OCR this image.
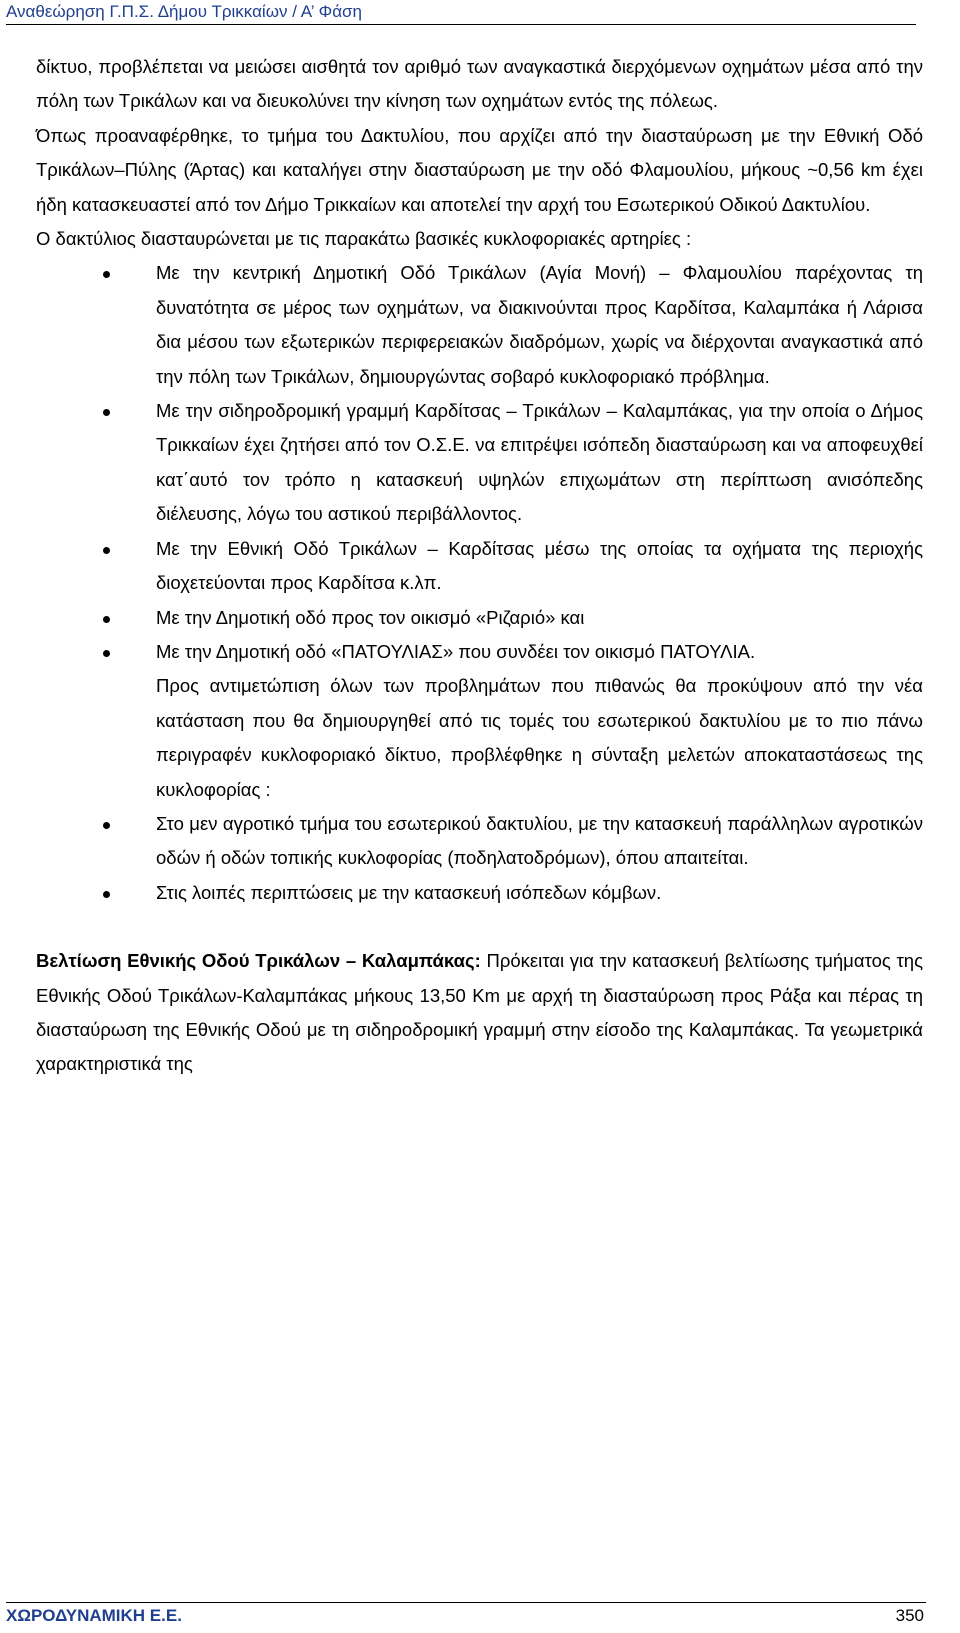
Αναθεώρηση Γ.Π.Σ. Δήμου Τρικκαίων / Α’ Φάση

δίκτυο, προβλέπεται να μειώσει αισθητά τον αριθμό των αναγκαστικά διερχόμενων οχημάτων μέσα από την πόλη των Τρικάλων και να διευκολύνει την κίνηση των οχημάτων εντός της πόλεως.

Όπως προαναφέρθηκε, το τμήμα του Δακτυλίου, που αρχίζει από την διασταύρωση με την Εθνική Οδό Τρικάλων–Πύλης (Άρτας) και καταλήγει στην διασταύρωση με την οδό Φλαμουλίου, μήκους ~0,56 km έχει ήδη κατασκευαστεί από τον Δήμο Τρικκαίων και αποτελεί την αρχή του Εσωτερικού Οδικού Δακτυλίου.

Ο δακτύλιος διασταυρώνεται με τις παρακάτω βασικές κυκλοφοριακές αρτηρίες :

Με την κεντρική Δημοτική Οδό Τρικάλων (Αγία Μονή) – Φλαμουλίου παρέχοντας τη δυνατότητα σε μέρος των οχημάτων, να διακινούνται προς Καρδίτσα, Καλαμπάκα ή Λάρισα δια μέσου των εξωτερικών περιφερειακών διαδρόμων, χωρίς να διέρχονται αναγκαστικά από την πόλη των Τρικάλων, δημιουργώντας σοβαρό κυκλοφοριακό πρόβλημα.
Με την σιδηροδρομική γραμμή Καρδίτσας – Τρικάλων – Καλαμπάκας, για την οποία ο Δήμος Τρικκαίων έχει ζητήσει από τον Ο.Σ.Ε. να επιτρέψει ισόπεδη διασταύρωση και να αποφευχθεί κατ΄αυτό τον τρόπο η κατασκευή υψηλών επιχωμάτων στη περίπτωση ανισόπεδης διέλευσης, λόγω του αστικού περιβάλλοντος.
Με την Εθνική Οδό Τρικάλων – Καρδίτσας μέσω της οποίας τα οχήματα της περιοχής διοχετεύονται προς Καρδίτσα κ.λπ.
Με την Δημοτική οδό προς τον οικισμό «Ριζαριό» και
Με την Δημοτική οδό «ΠΑΤΟΥΛΙΑΣ» που συνδέει τον οικισμό ΠΑΤΟΥΛΙΑ.
Προς αντιμετώπιση όλων των προβλημάτων που πιθανώς θα προκύψουν από την νέα κατάσταση που θα δημιουργηθεί από τις τομές του εσωτερικού δακτυλίου με το πιο πάνω περιγραφέν κυκλοφοριακό δίκτυο, προβλέφθηκε η σύνταξη μελετών αποκαταστάσεως της κυκλοφορίας :
Στο μεν αγροτικό τμήμα του εσωτερικού δακτυλίου, με την κατασκευή παράλληλων αγροτικών οδών ή οδών τοπικής κυκλοφορίας (ποδηλατοδρόμων), όπου απαιτείται.
Στις λοιπές περιπτώσεις με την κατασκευή ισόπεδων κόμβων.

Βελτίωση Εθνικής Οδού Τρικάλων – Καλαμπάκας: Πρόκειται για την κατασκευή βελτίωσης τμήματος της Εθνικής Οδού Τρικάλων-Καλαμπάκας μήκους 13,50 Km με αρχή τη διασταύρωση προς Ράξα και πέρας τη διασταύρωση της Εθνικής Οδού με τη σιδηροδρομική γραμμή στην είσοδο της Καλαμπάκας. Τα γεωμετρικά χαρακτηριστικά της

ΧΩΡΟΔΥΝΑΜΙΚΗ Ε.Ε.	350
